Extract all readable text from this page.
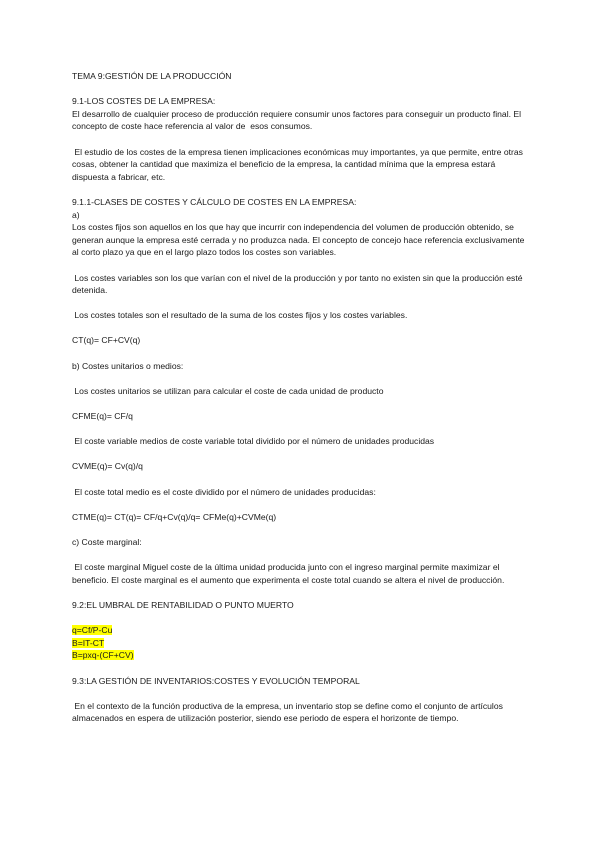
TEMA 9:GESTIÓN DE LA PRODUCCIÓN

9.1-LOS COSTES DE LA EMPRESA:

El desarrollo de cualquier proceso de producción requiere consumir unos factores para conseguir un producto final. El concepto de coste hace referencia al valor de  esos consumos.

El estudio de los costes de la empresa tienen implicaciones económicas muy importantes, ya que permite, entre otras cosas, obtener la cantidad que maximiza el beneficio de la empresa, la cantidad mínima que la empresa estará dispuesta a fabricar, etc.

9.1.1-CLASES DE COSTES Y CÁLCULO DE COSTES EN LA EMPRESA:

a)

Los costes fijos son aquellos en los que hay que incurrir con independencia del volumen de producción obtenido, se generan aunque la empresa esté cerrada y no produzca nada. El concepto de concejo hace referencia exclusivamente al corto plazo ya que en el largo plazo todos los costes son variables.

Los costes variables son los que varían con el nivel de la producción y por tanto no existen sin que la producción esté detenida.

Los costes totales son el resultado de la suma de los costes fijos y los costes variables.

CT(q)= CF+CV(q)

b) Costes unitarios o medios:

Los costes unitarios se utilizan para calcular el coste de cada unidad de producto

CFME(q)= CF/q

El coste variable medios de coste variable total dividido por el número de unidades producidas

CVME(q)= Cv(q)/q

El coste total medio es el coste dividido por el número de unidades producidas:

CTME(q)= CT(q)= CF/q+Cv(q)/q= CFMe(q)+CVMe(q)

c) Coste marginal:

El coste marginal Miguel coste de la última unidad producida junto con el ingreso marginal permite maximizar el beneficio. El coste marginal es el aumento que experimenta el coste total cuando se altera el nivel de producción.

9.2:EL UMBRAL DE RENTABILIDAD O PUNTO MUERTO

q=Cf/P-Cu

B=IT-CT

B=pxq-(CF+CV)

9.3:LA GESTIÓN DE INVENTARIOS:COSTES Y EVOLUCIÓN TEMPORAL

En el contexto de la función productiva de la empresa, un inventario stop se define como el conjunto de artículos almacenados en espera de utilización posterior, siendo ese periodo de espera el horizonte de tiempo.
